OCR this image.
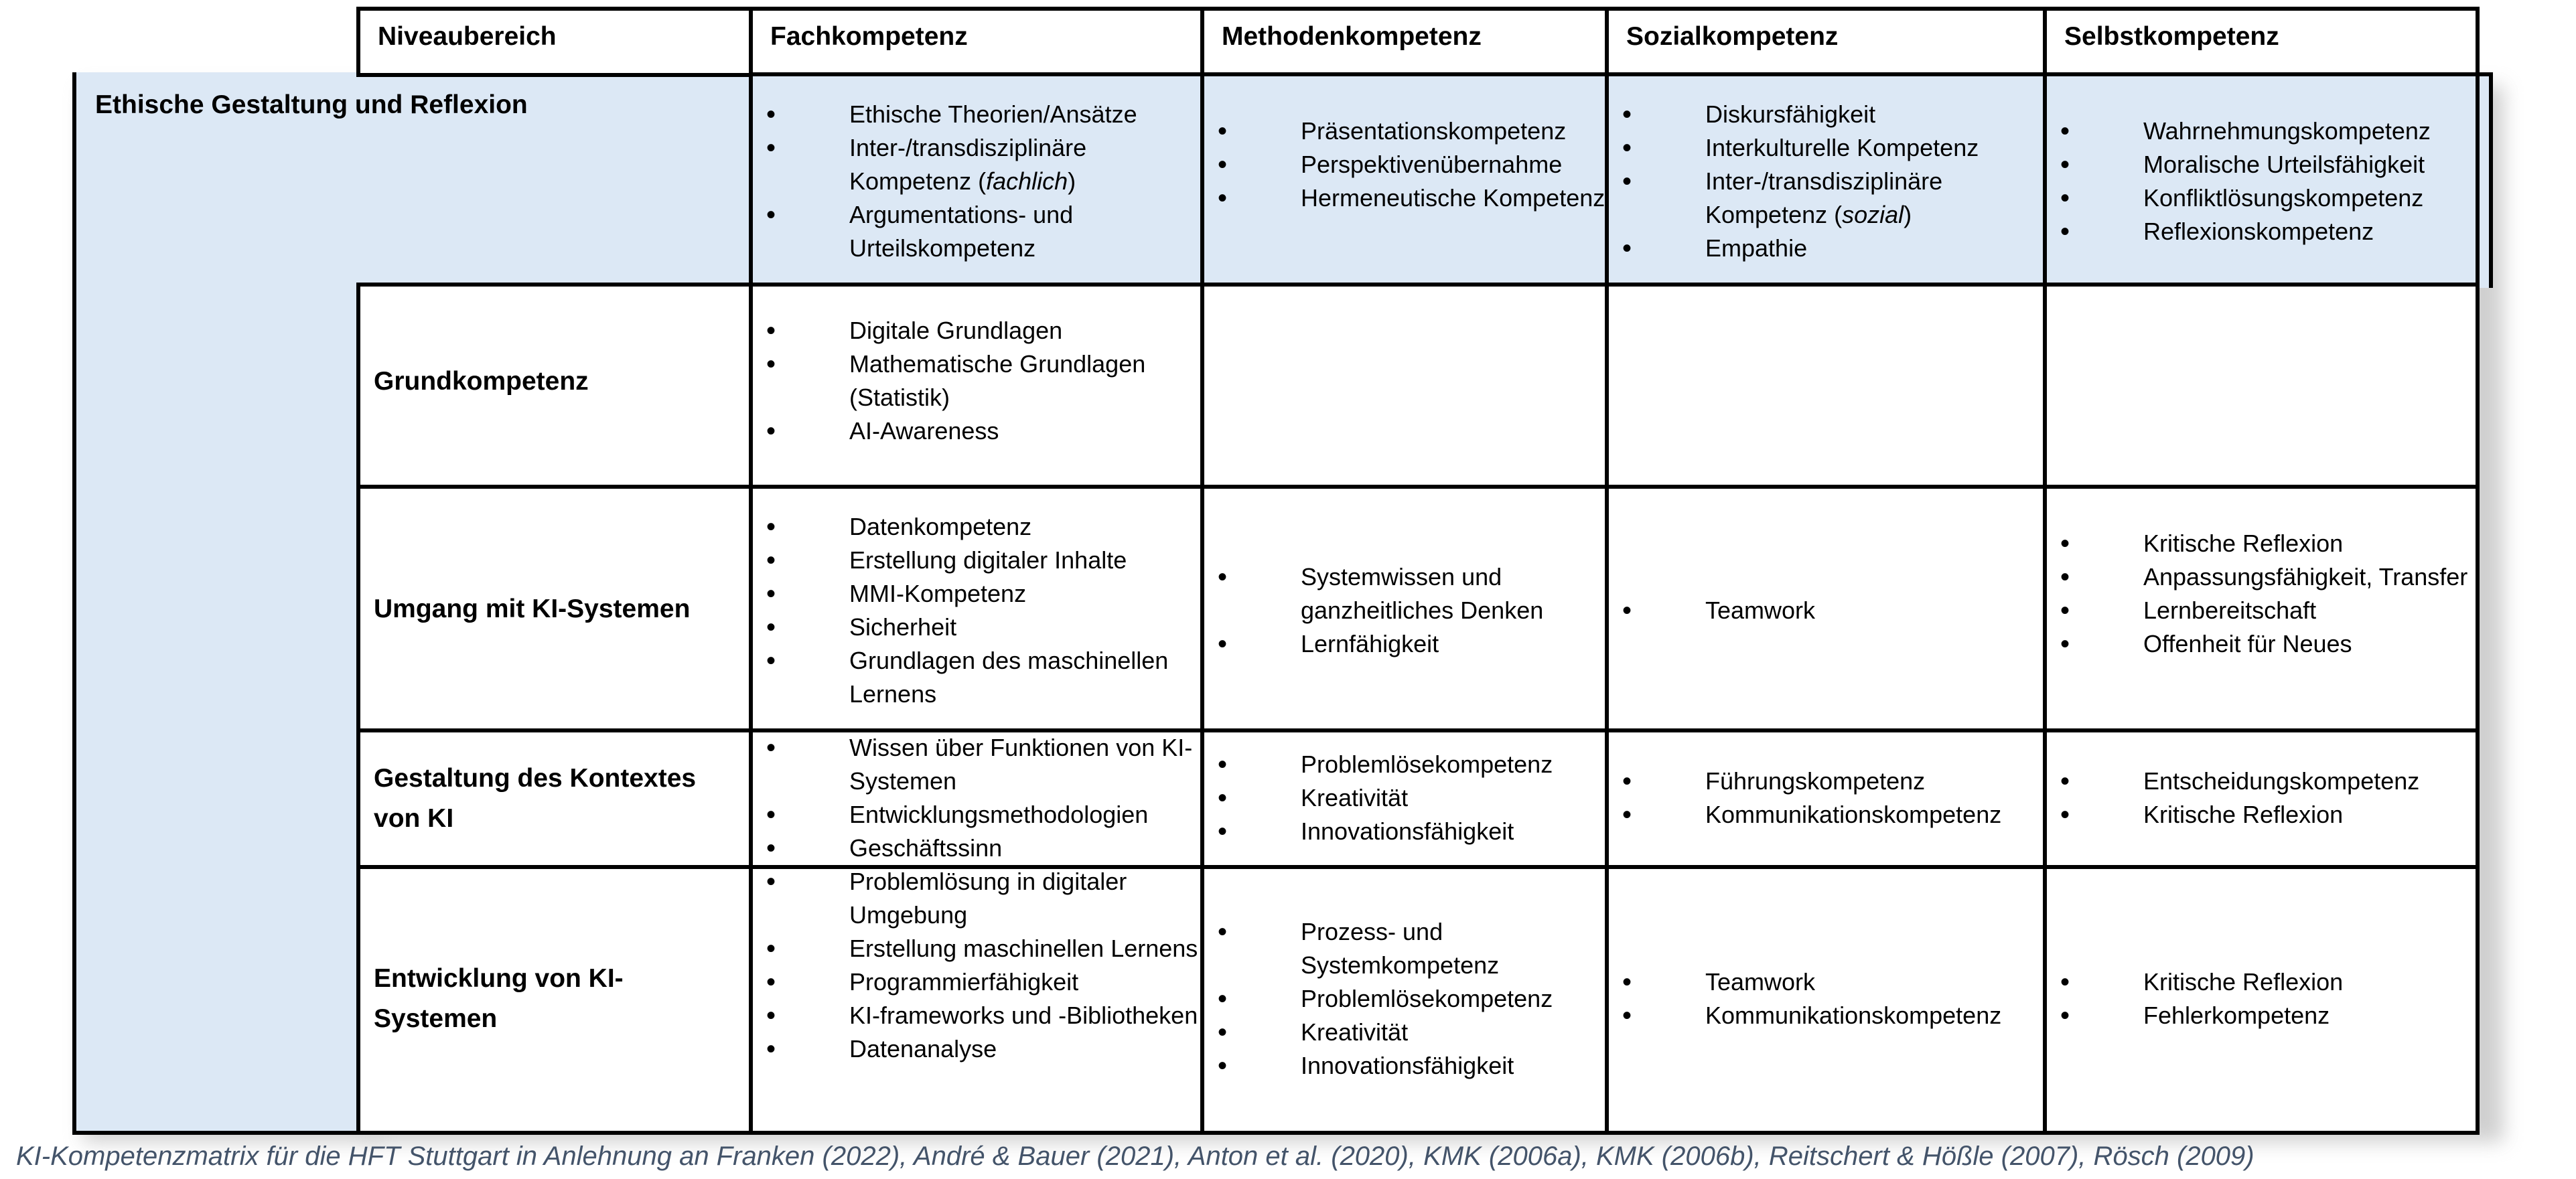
Niveaubereich	Fachkompetenz	Methodenkompetenz	Sozialkompetenz	Selbstkompetenz
Ethische Gestaltung und Reflexion
•	Ethische Theorien/Ansätze
• Inter-/transdisziplinäre Kompetenz (fachlich)
• Argumentations- und Urteilskompetenz
• Präsentationskompetenz
• Perspektivenübernahme
• Hermeneutische Kompetenz
• Diskursfähigkeit
• Interkulturelle Kompetenz
• Inter-/transdisziplinäre Kompetenz (sozial)
• Empathie
• Wahrnehmungskompetenz
• Moralische Urteilsfähigkeit
• Konfliktlösungskompetenz
• Reflexionskompetenz
Grundkompetenz
• Digitale Grundlagen
• Mathematische Grundlagen (Statistik)
• AI-Awareness
Umgang mit KI-Systemen
• Datenkompetenz
• Erstellung digitaler Inhalte
• MMI-Kompetenz
• Sicherheit
• Grundlagen des maschinellen Lernens
• Systemwissen und ganzheitliches Denken
• Lernfähigkeit
• Teamwork
• Kritische Reflexion
• Anpassungsfähigkeit, Transfer
• Lernbereitschaft
• Offenheit für Neues
Gestaltung des Kontextes von KI
• Wissen über Funktionen von KI-Systemen
• Entwicklungsmethodologien
• Geschäftssinn
• Problemlösekompetenz
• Kreativität
• Innovationsfähigkeit
• Führungskompetenz
• Kommunikationskompetenz
• Entscheidungskompetenz
• Kritische Reflexion
Entwicklung von KI-Systemen
• Problemlösung in digitaler Umgebung
• Erstellung maschinellen Lernens
• Programmierfähigkeit
• KI-frameworks und -Bibliotheken
• Datenanalyse
• Prozess- und Systemkompetenz
• Problemlösekompetenz
• Kreativität
• Innovationsfähigkeit
• Teamwork
• Kommunikationskompetenz
• Kritische Reflexion
• Fehlerkompetenz
KI-Kompetenzmatrix für die HFT Stuttgart in Anlehnung an Franken (2022), André & Bauer (2021), Anton et al. (2020), KMK (2006a), KMK (2006b), Reitschert & Hößle (2007), Rösch (2009)
